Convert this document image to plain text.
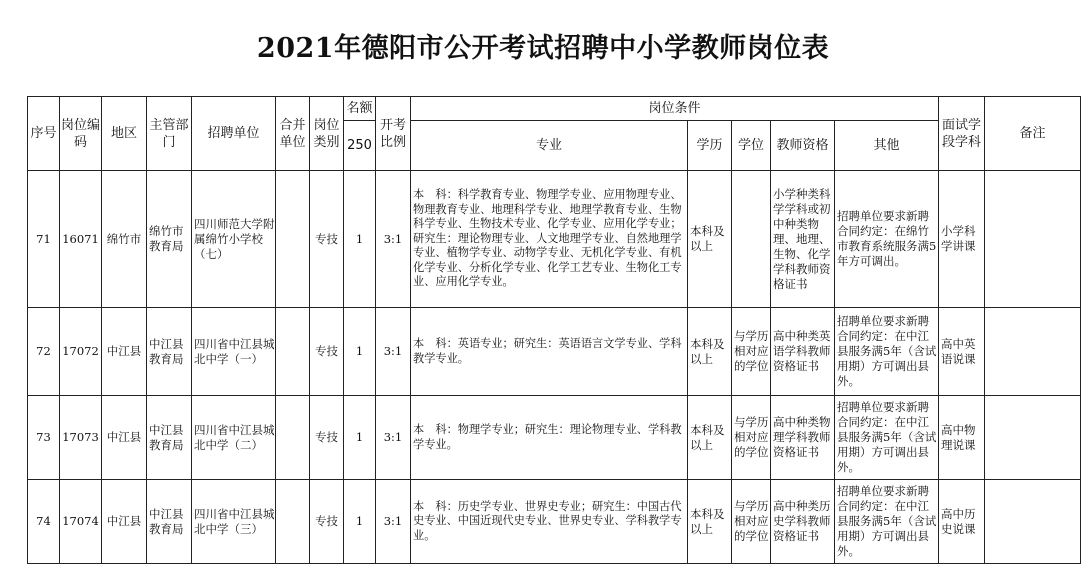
2021年德阳市公开考试招聘中小学教师岗位表
序号	岗位编码	地区	主管部门	招聘单位	合并单位	岗位类别	名额	开考比例	岗位条件					面试学段学科	备注
							250		专业	学历	学位	教师资格	其他		
71	16071	绵竹市	绵竹市教育局	四川师范大学附属绵竹小学校（七）		专技	1	3:1	本　科：科学教育专业、物理学专业、应用物理专业、物理教育专业、地理科学专业、地理学教育专业、生物科学专业、生物技术专业、化学专业、应用化学专业；研究生：理论物理专业、人文地理学专业、自然地理学专业、植物学专业、动物学专业、无机化学专业、有机化学专业、分析化学专业、化学工艺专业、生物化工专业、应用化学专业。	本科及以上		小学种类科学学科或初中种类物理、地理、生物、化学学科教师资格证书	招聘单位要求新聘合同约定：在绵竹市教育系统服务满5年方可调出。	小学科学讲课	
72	17072	中江县	中江县教育局	四川省中江县城北中学（一）		专技	1	3:1	本　科：英语专业；研究生：英语语言文学专业、学科教学专业。	本科及以上	与学历相对应的学位	高中种类英语学科教师资格证书	招聘单位要求新聘合同约定：在中江县服务满5年（含试用期）方可调出县外。	高中英语说课	
73	17073	中江县	中江县教育局	四川省中江县城北中学（二）		专技	1	3:1	本　科：物理学专业；研究生：理论物理专业、学科教学专业。	本科及以上	与学历相对应的学位	高中种类物理学科教师资格证书	招聘单位要求新聘合同约定：在中江县服务满5年（含试用期）方可调出县外。	高中物理说课	
74	17074	中江县	中江县教育局	四川省中江县城北中学（三）		专技	1	3:1	本　科：历史学专业、世界史专业；研究生：中国古代史专业、中国近现代史专业、世界史专业、学科教学专业。	本科及以上	与学历相对应的学位	高中种类历史学科教师资格证书	招聘单位要求新聘合同约定：在中江县服务满5年（含试用期）方可调出县外。	高中历史说课	
